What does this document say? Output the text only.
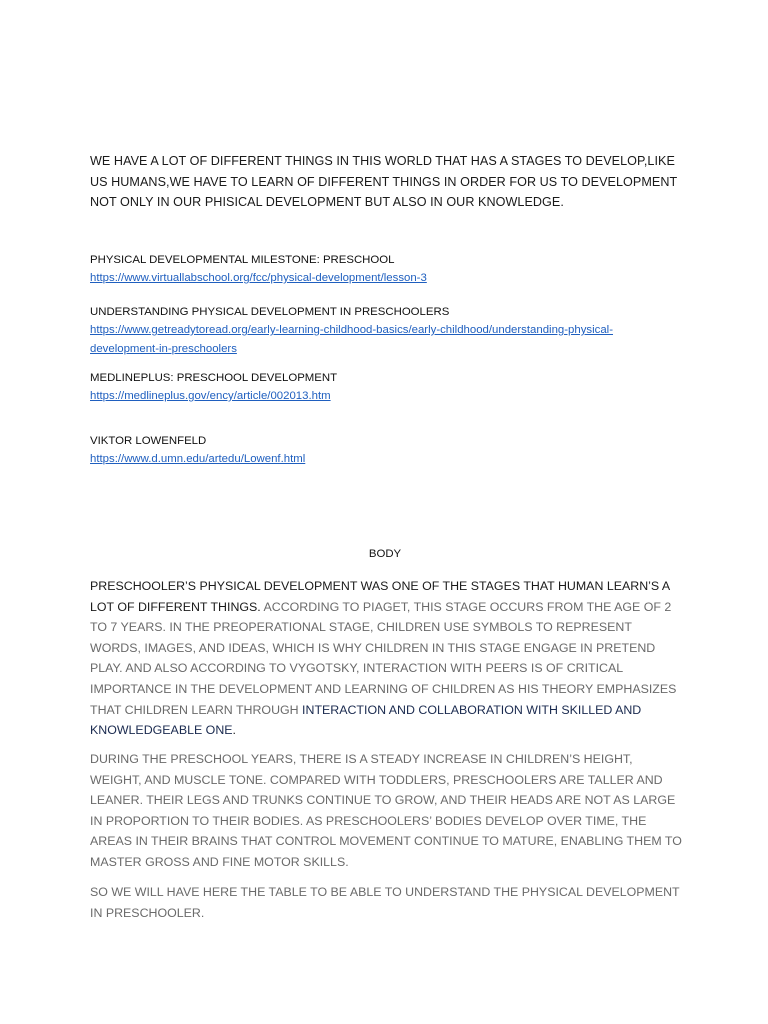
WE HAVE A LOT OF DIFFERENT THINGS IN THIS WORLD THAT HAS A STAGES TO DEVELOP,LIKE US HUMANS,WE HAVE TO LEARN OF DIFFERENT THINGS IN ORDER FOR US TO DEVELOPMENT NOT ONLY IN OUR PHISICAL DEVELOPMENT BUT ALSO IN OUR KNOWLEDGE.

PHYSICAL DEVELOPMENTAL MILESTONE: PRESCHOOL
https://www.virtuallabschool.org/fcc/physical-development/lesson-3
UNDERSTANDING PHYSICAL DEVELOPMENT IN PRESCHOOLERS
https://www.getreadytoread.org/early-learning-childhood-basics/early-childhood/understanding-physical-development-in-preschoolers
MEDLINEPLUS: PRESCHOOL DEVELOPMENT
https://medlineplus.gov/ency/article/002013.htm
VIKTOR LOWENFELD
https://www.d.umn.edu/artedu/Lowenf.html

BODY

PRESCHOOLER’S PHYSICAL DEVELOPMENT WAS ONE OF THE STAGES THAT HUMAN LEARN’S A LOT OF DIFFERENT THINGS. ACCORDING TO PIAGET, THIS STAGE OCCURS FROM THE AGE OF 2 TO 7 YEARS. IN THE PREOPERATIONAL STAGE, CHILDREN USE SYMBOLS TO REPRESENT WORDS, IMAGES, AND IDEAS, WHICH IS WHY CHILDREN IN THIS STAGE ENGAGE IN PRETEND PLAY. AND ALSO ACCORDING TO VYGOTSKY, INTERACTION WITH PEERS IS OF CRITICAL IMPORTANCE IN THE DEVELOPMENT AND LEARNING OF CHILDREN AS HIS THEORY EMPHASIZES THAT CHILDREN LEARN THROUGH INTERACTION AND COLLABORATION WITH SKILLED AND KNOWLEDGEABLE ONE.

DURING THE PRESCHOOL YEARS, THERE IS A STEADY INCREASE IN CHILDREN’S HEIGHT, WEIGHT, AND MUSCLE TONE. COMPARED WITH TODDLERS, PRESCHOOLERS ARE TALLER AND LEANER. THEIR LEGS AND TRUNKS CONTINUE TO GROW, AND THEIR HEADS ARE NOT AS LARGE IN PROPORTION TO THEIR BODIES. AS PRESCHOOLERS’ BODIES DEVELOP OVER TIME, THE AREAS IN THEIR BRAINS THAT CONTROL MOVEMENT CONTINUE TO MATURE, ENABLING THEM TO MASTER GROSS AND FINE MOTOR SKILLS.

SO WE WILL HAVE HERE THE TABLE TO BE ABLE TO UNDERSTAND THE PHYSICAL DEVELOPMENT IN PRESCHOOLER.
